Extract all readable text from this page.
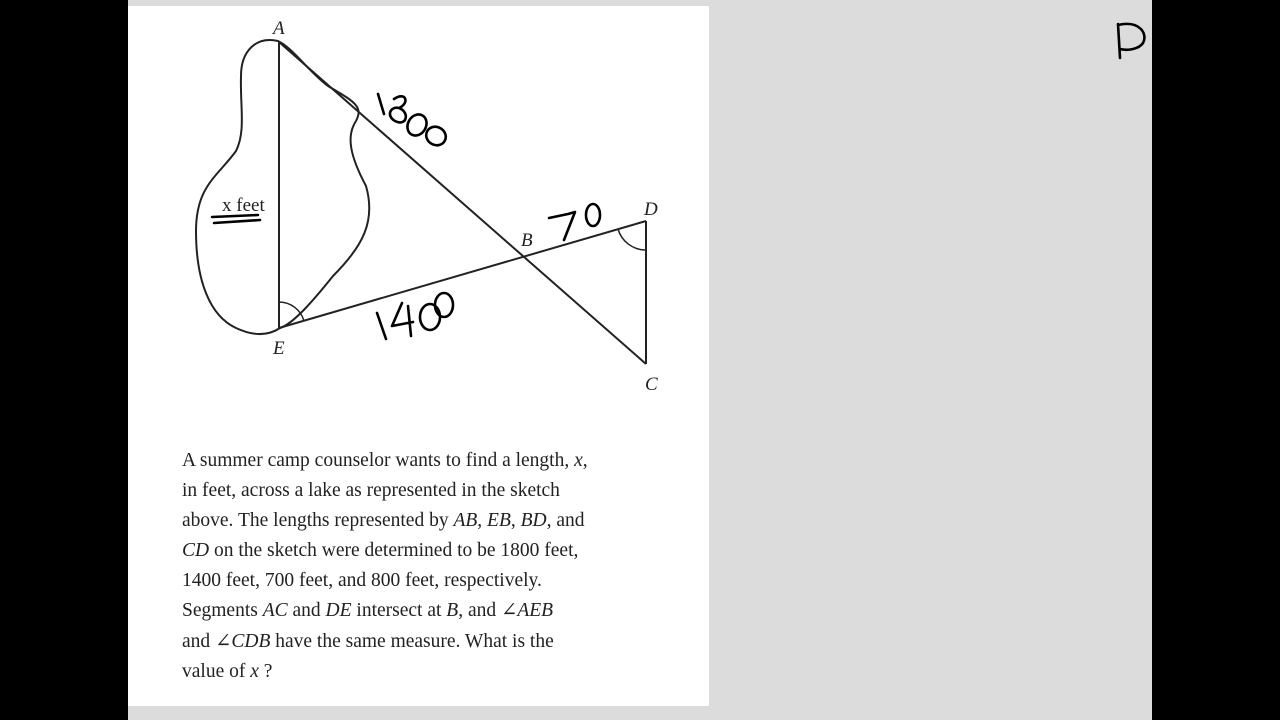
A
B
C
D
E
x feet
A summer camp counselor wants to find a length, x,
in feet, across a lake as represented in the sketch
above. The lengths represented by AB, EB, BD, and
CD on the sketch were determined to be 1800 feet,
1400 feet, 700 feet, and 800 feet, respectively.
Segments AC and DE intersect at B, and ∠AEB
and ∠CDB have the same measure. What is the
value of x ?
